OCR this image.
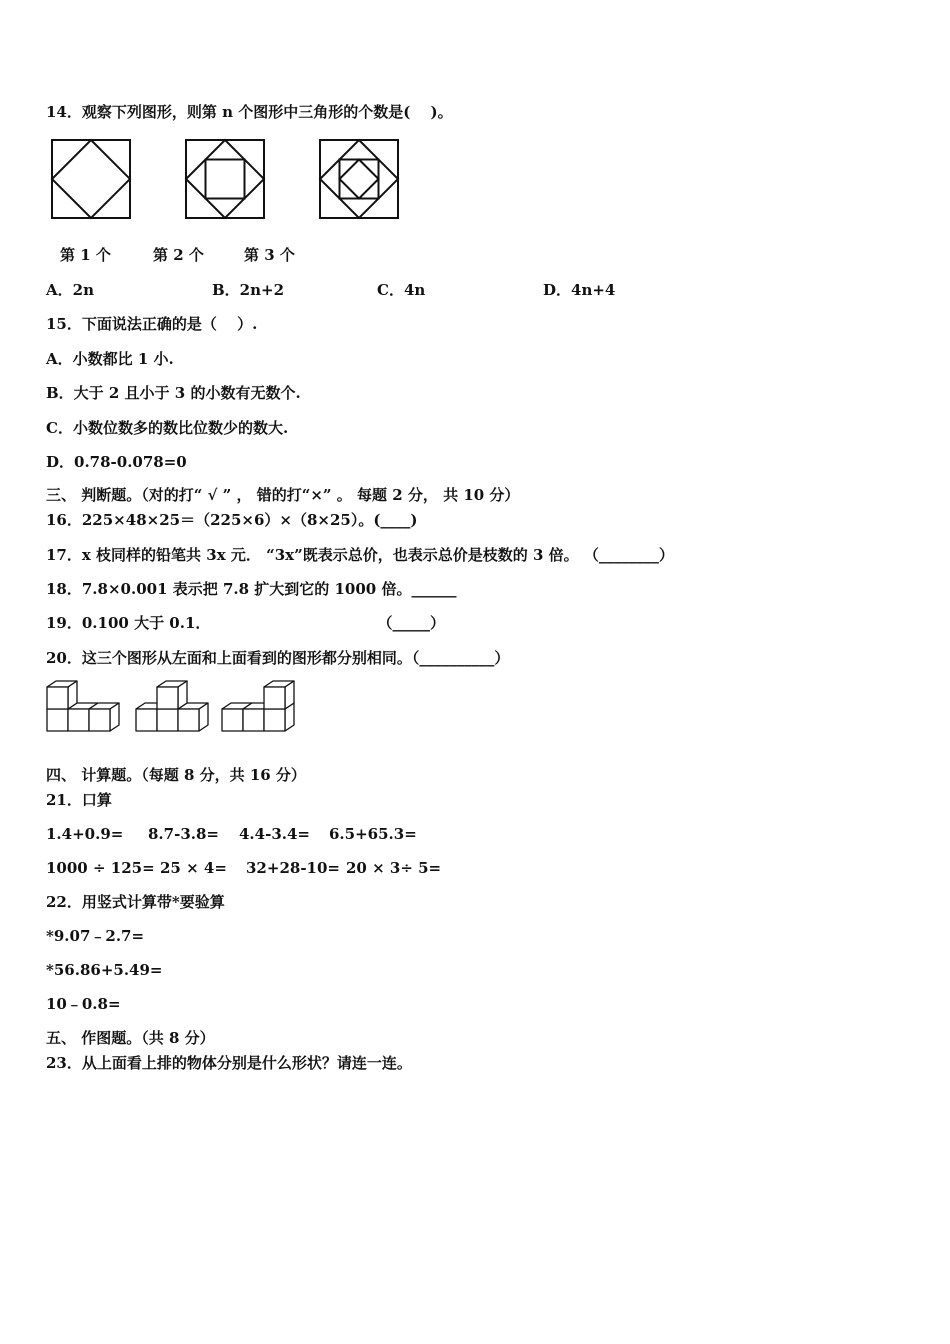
14．观察下列图形，则第 n 个图形中三角形的个数是(　 )。
第 1 个	第 2 个	第 3 个
A．2n	B．2n+2	C．4n	D．4n+4
15．下面说法正确的是（　 ）.
A．小数都比 1 小.
B．大于 2 且小于 3 的小数有无数个.
C．小数位数多的数比位数少的数大.
D．0.78-0.078=0
三、 判断题。（对的打“ √ ” ， 错的打“×” 。 每题 2 分， 共 10 分）
16．225×48×25＝（225×6）×（8×25）。(____)
17．x 枝同样的铅笔共 3x 元． “3x”既表示总价，也表示总价是枝数的 3 倍。 （________）
18．7.8×0.001 表示把 7.8 扩大到它的 1000 倍。______
19．0.100 大于 0.1．                                （_____）
20．这三个图形从左面和上面看到的图形都分别相同。（__________）
四、 计算题。（每题 8 分，共 16 分）
21．口算
1.4+0.9= 8.7-3.8= 4.4-3.4= 6.5+65.3=
1000 ÷ 125= 25 × 4= 32+28-10= 20 × 3÷ 5=
22．用竖式计算带*要验算
*9.07﹣2.7=
*56.86+5.49=
10﹣0.8=
五、 作图题。（共 8 分）
23．从上面看上排的物体分别是什么形状？请连一连。
